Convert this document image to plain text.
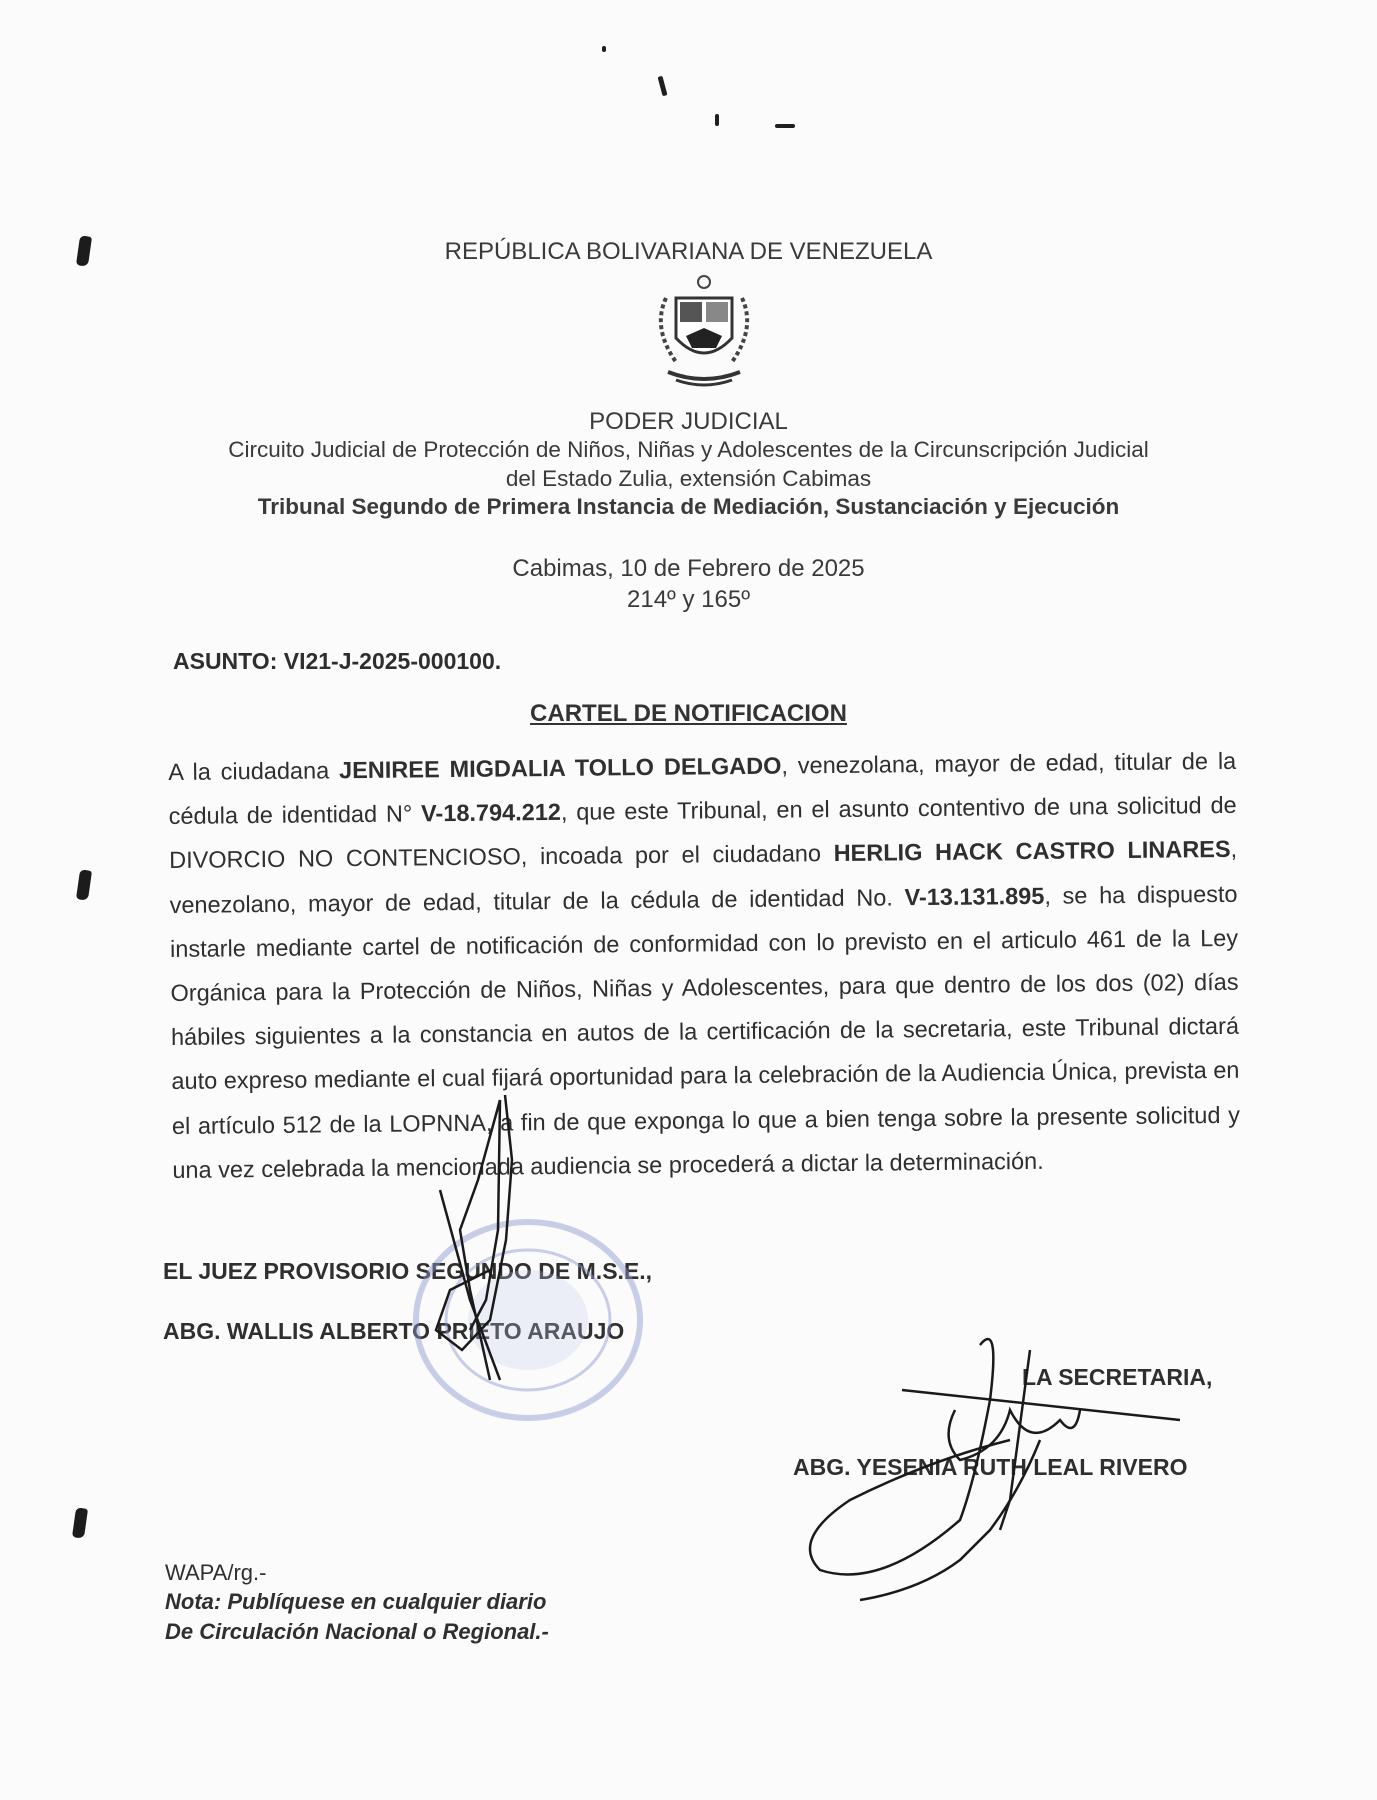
REPÚBLICA BOLIVARIANA DE VENEZUELA
PODER JUDICIAL
Circuito Judicial de Protección de Niños, Niñas y Adolescentes de la Circunscripción Judicial
del Estado Zulia, extensión Cabimas
Tribunal Segundo de Primera Instancia de Mediación, Sustanciación y Ejecución
Cabimas, 10 de Febrero de 2025
214º y 165º
ASUNTO: VI21-J-2025-000100.
CARTEL DE NOTIFICACION
A la ciudadana JENIREE MIGDALIA TOLLO DELGADO, venezolana, mayor de edad, titular de la cédula de identidad N° V-18.794.212, que este Tribunal, en el asunto contentivo de una solicitud de DIVORCIO NO CONTENCIOSO, incoada por el ciudadano HERLIG HACK CASTRO LINARES, venezolano, mayor de edad, titular de la cédula de identidad No. V-13.131.895, se ha dispuesto instarle mediante cartel de notificación de conformidad con lo previsto en el articulo 461 de la Ley Orgánica para la Protección de Niños, Niñas y Adolescentes, para que dentro de los dos (02) días hábiles siguientes a la constancia en autos de la certificación de la secretaria, este Tribunal dictará auto expreso mediante el cual fijará oportunidad para la celebración de la Audiencia Única, prevista en el artículo 512 de la LOPNNA, a fin de que exponga lo que a bien tenga sobre la presente solicitud y una vez celebrada la mencionada audiencia se procederá a dictar la determinación.
EL JUEZ PROVISORIO SEGUNDO DE M.S.E.,
ABG. WALLIS ALBERTO PRIETO ARAUJO
LA SECRETARIA,
ABG. YESENIA RUTH LEAL RIVERO
WAPA/rg.-
Nota: Publíquese en cualquier diario
De Circulación Nacional o Regional.-
